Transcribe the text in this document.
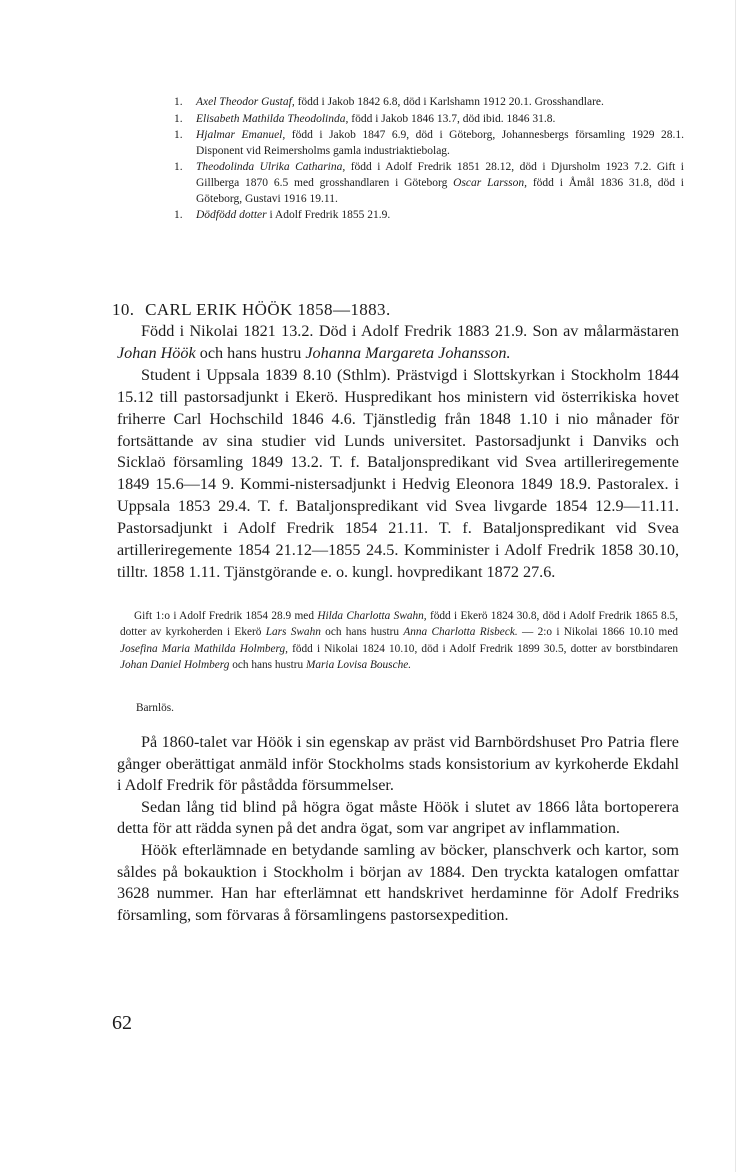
1. Axel Theodor Gustaf, född i Jakob 1842 6.8, död i Karlshamn 1912 20.1. Grosshandlare.
1. Elisabeth Mathilda Theodolinda, född i Jakob 1846 13.7, död ibid. 1846 31.8.
1. Hjalmar Emanuel, född i Jakob 1847 6.9, död i Göteborg, Johannesbergs församling 1929 28.1. Disponent vid Reimersholms gamla industriaktiebolag.
1. Theodolinda Ulrika Catharina, född i Adolf Fredrik 1851 28.12, död i Djursholm 1923 7.2. Gift i Gillberga 1870 6.5 med grosshandlaren i Göteborg Oscar Larsson, född i Åmål 1836 31.8, död i Göteborg, Gustavi 1916 19.11.
1. Dödfödd dotter i Adolf Fredrik 1855 21.9.
10. CARL ERIK HÖÖK 1858—1883.

Född i Nikolai 1821 13.2. Död i Adolf Fredrik 1883 21.9. Son av målarmästaren Johan Höök och hans hustru Johanna Margareta Johansson.

Student i Uppsala 1839 8.10 (Sthlm). Prästvigd i Slottskyrkan i Stockholm 1844 15.12 till pastorsadjunkt i Ekerö. Huspredikant hos ministern vid österrikiska hovet friherre Carl Hochschild 1846 4.6. Tjänstledig från 1848 1.10 i nio månader för fortsättande av sina studier vid Lunds universitet. Pastorsadjunkt i Danviks och Sicklaö församling 1849 13.2. T. f. Bataljonspredikant vid Svea artilleriregemente 1849 15.6—14 9. Kommi-nistersadjunkt i Hedvig Eleonora 1849 18.9. Pastoralex. i Uppsala 1853 29.4. T. f. Bataljonspredikant vid Svea livgarde 1854 12.9—11.11. Pastorsadjunkt i Adolf Fredrik 1854 21.11. T. f. Bataljonspredikant vid Svea artilleriregemente 1854 21.12—1855 24.5. Komminister i Adolf Fredrik 1858 30.10, tilltr. 1858 1.11. Tjänstgörande e. o. kungl. hovpredikant 1872 27.6.

Gift 1:o i Adolf Fredrik 1854 28.9 med Hilda Charlotta Swahn, född i Ekerö 1824 30.8, död i Adolf Fredrik 1865 8.5, dotter av kyrkoherden i Ekerö Lars Swahn och hans hustru Anna Charlotta Risbeck. — 2:o i Nikolai 1866 10.10 med Josefina Maria Mathilda Holmberg, född i Nikolai 1824 10.10, död i Adolf Fredrik 1899 30.5, dotter av borstbindaren Johan Daniel Holmberg och hans hustru Maria Lovisa Bousche.
Barnlös.

På 1860-talet var Höök i sin egenskap av präst vid Barnbördshuset Pro Patria flere gånger oberättigat anmäld inför Stockholms stads konsistorium av kyrkoherde Ekdahl i Adolf Fredrik för påstådda försummelser.

Sedan lång tid blind på högra ögat måste Höök i slutet av 1866 låta bortoperera detta för att rädda synen på det andra ögat, som var angripet av inflammation.

Höök efterlämnade en betydande samling av böcker, planschverk och kartor, som såldes på bokauktion i Stockholm i början av 1884. Den tryckta katalogen omfattar 3628 nummer. Han har efterlämnat ett handskrivet herdaminne för Adolf Fredriks församling, som förvaras å församlingens pastorsexpedition.

62
